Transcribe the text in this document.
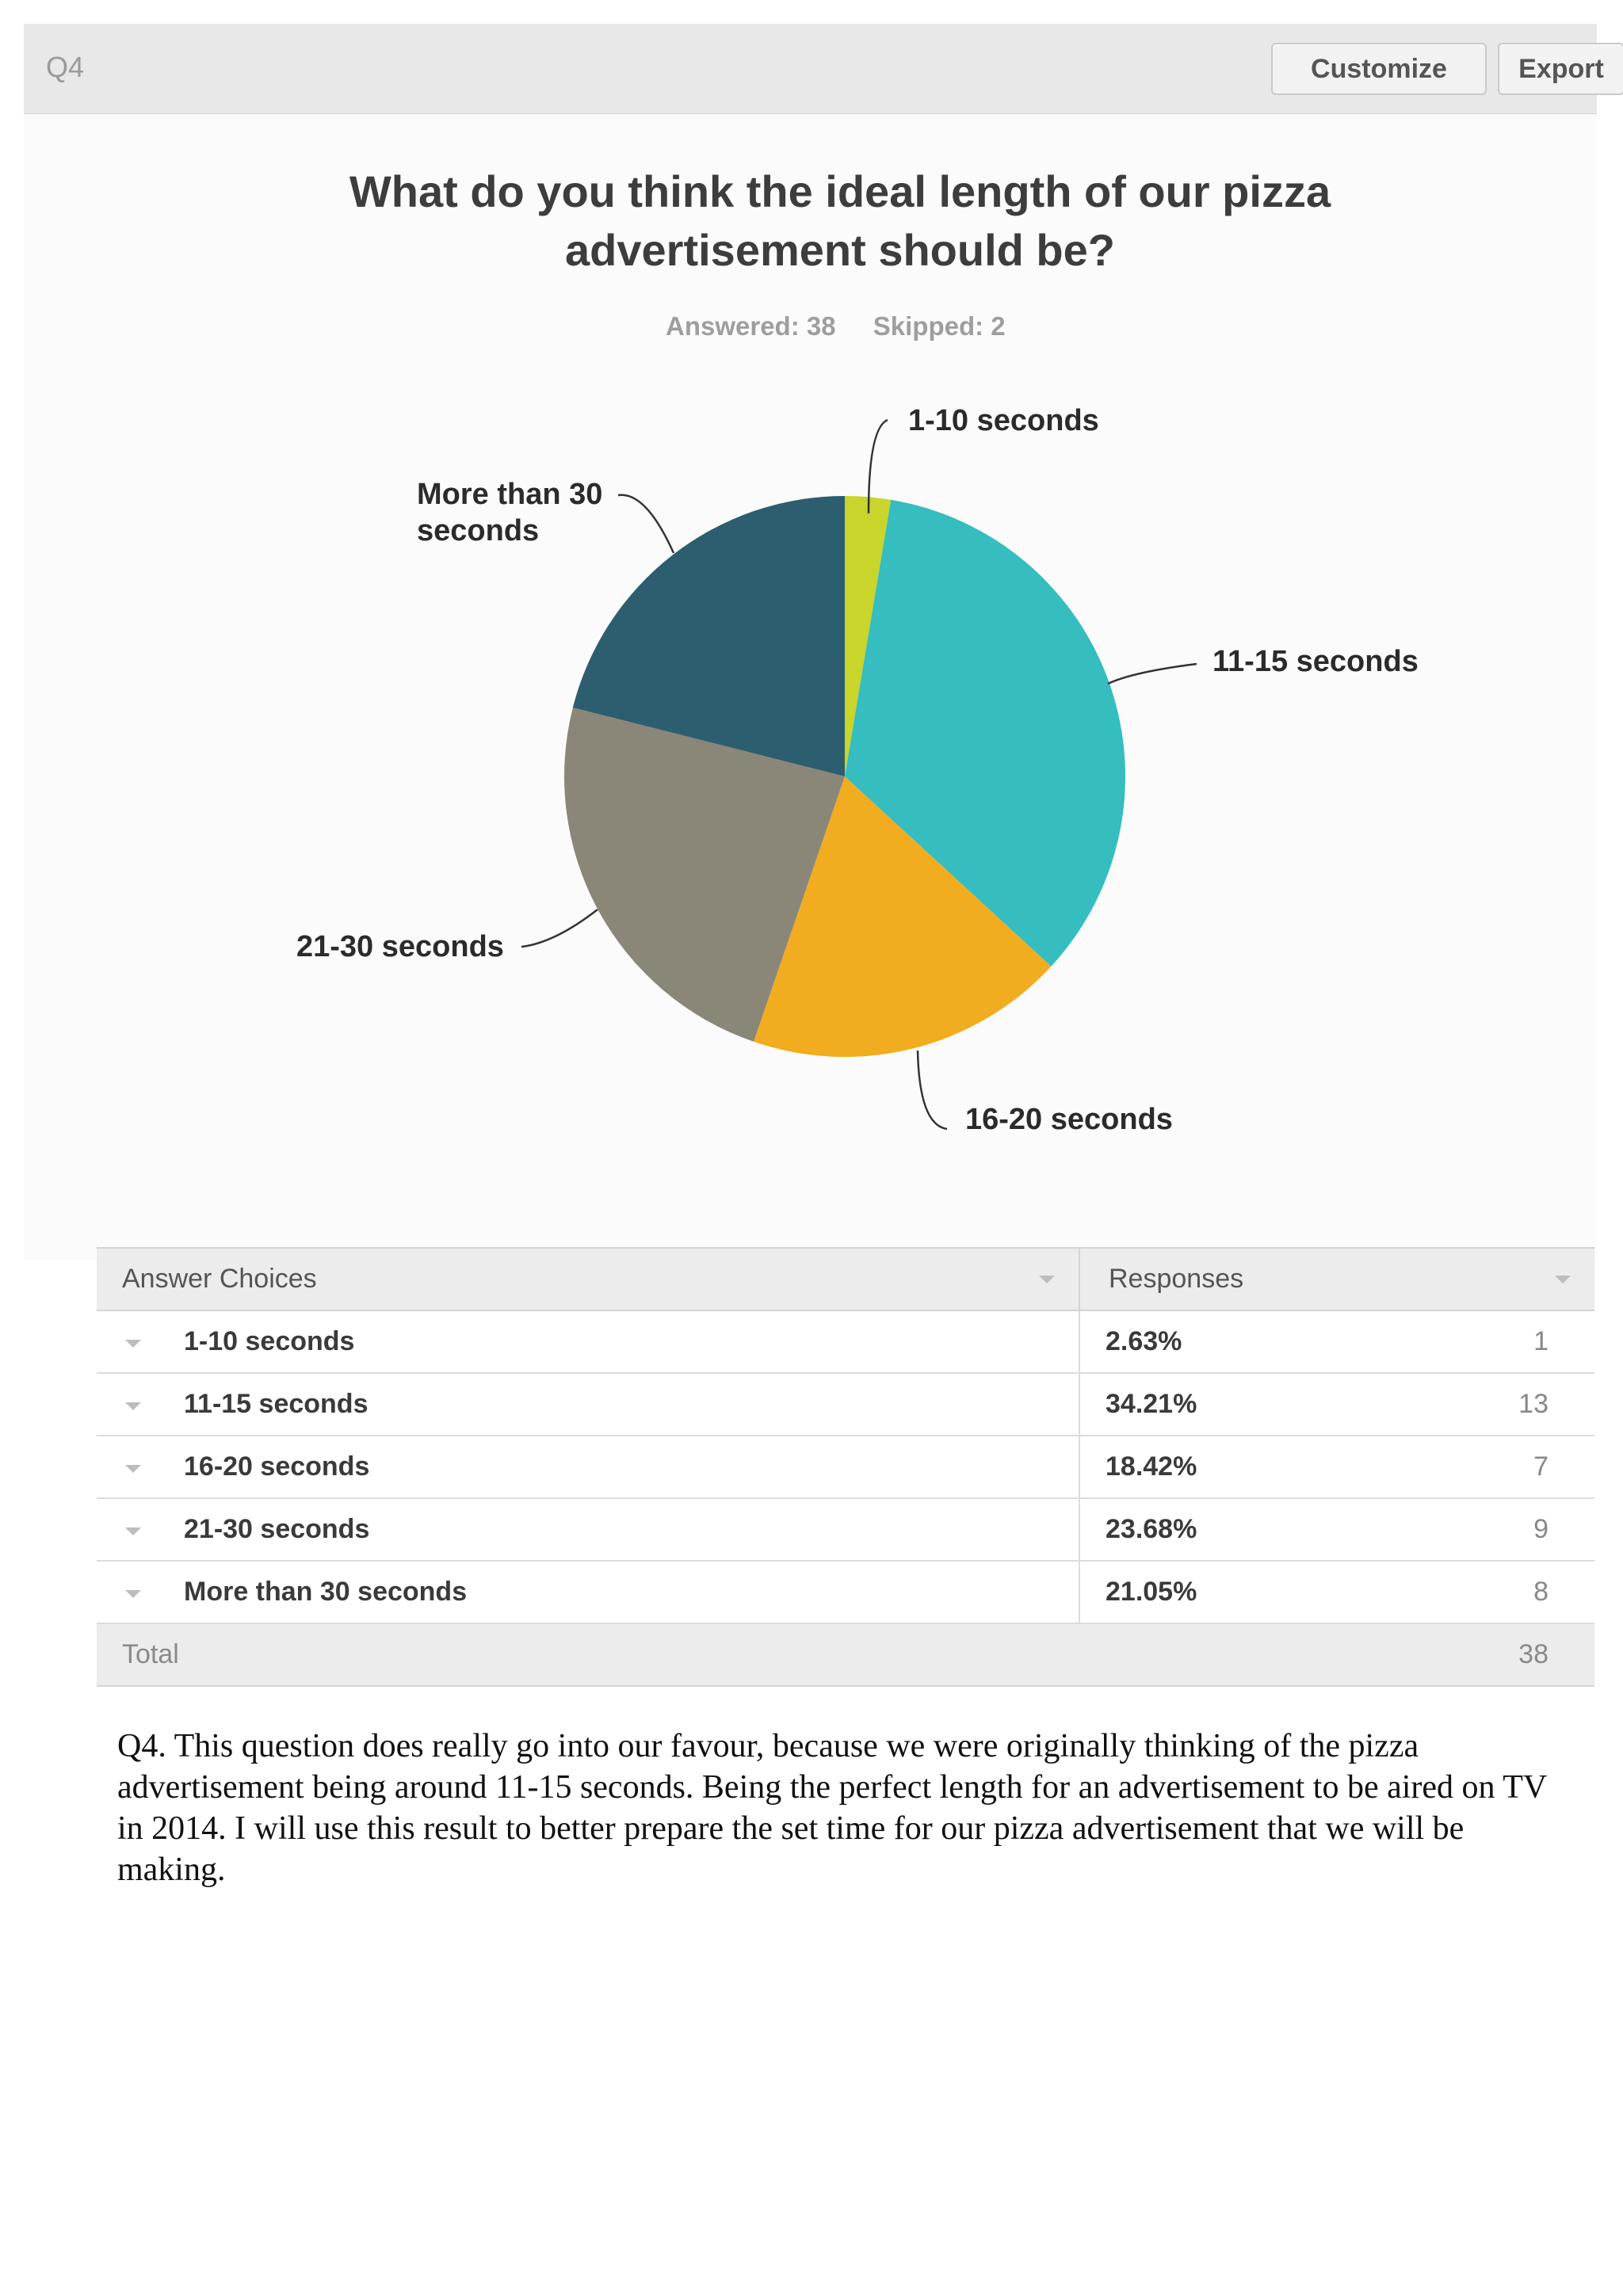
Q4	Customize	Export
What do you think the ideal length of our pizza advertisement should be?
Answered: 38 Skipped: 2
1-10 seconds
11-15 seconds
16-20 seconds
21-30 seconds
More than 30
seconds
Answer Choices	Responses	

1-10 seconds	2.63%	1

11-15 seconds	34.21%	13

16-20 seconds	18.42%	7

21-30 seconds	23.68%	9

More than 30 seconds	21.05%	8
Total		38
Q4. This question does really go into our favour, because we were originally thinking of the pizza advertisement being around 11-15 seconds. Being the perfect length for an advertisement to be aired on TV in 2014. I will use this result to better prepare the set time for our pizza advertisement that we will be making.
